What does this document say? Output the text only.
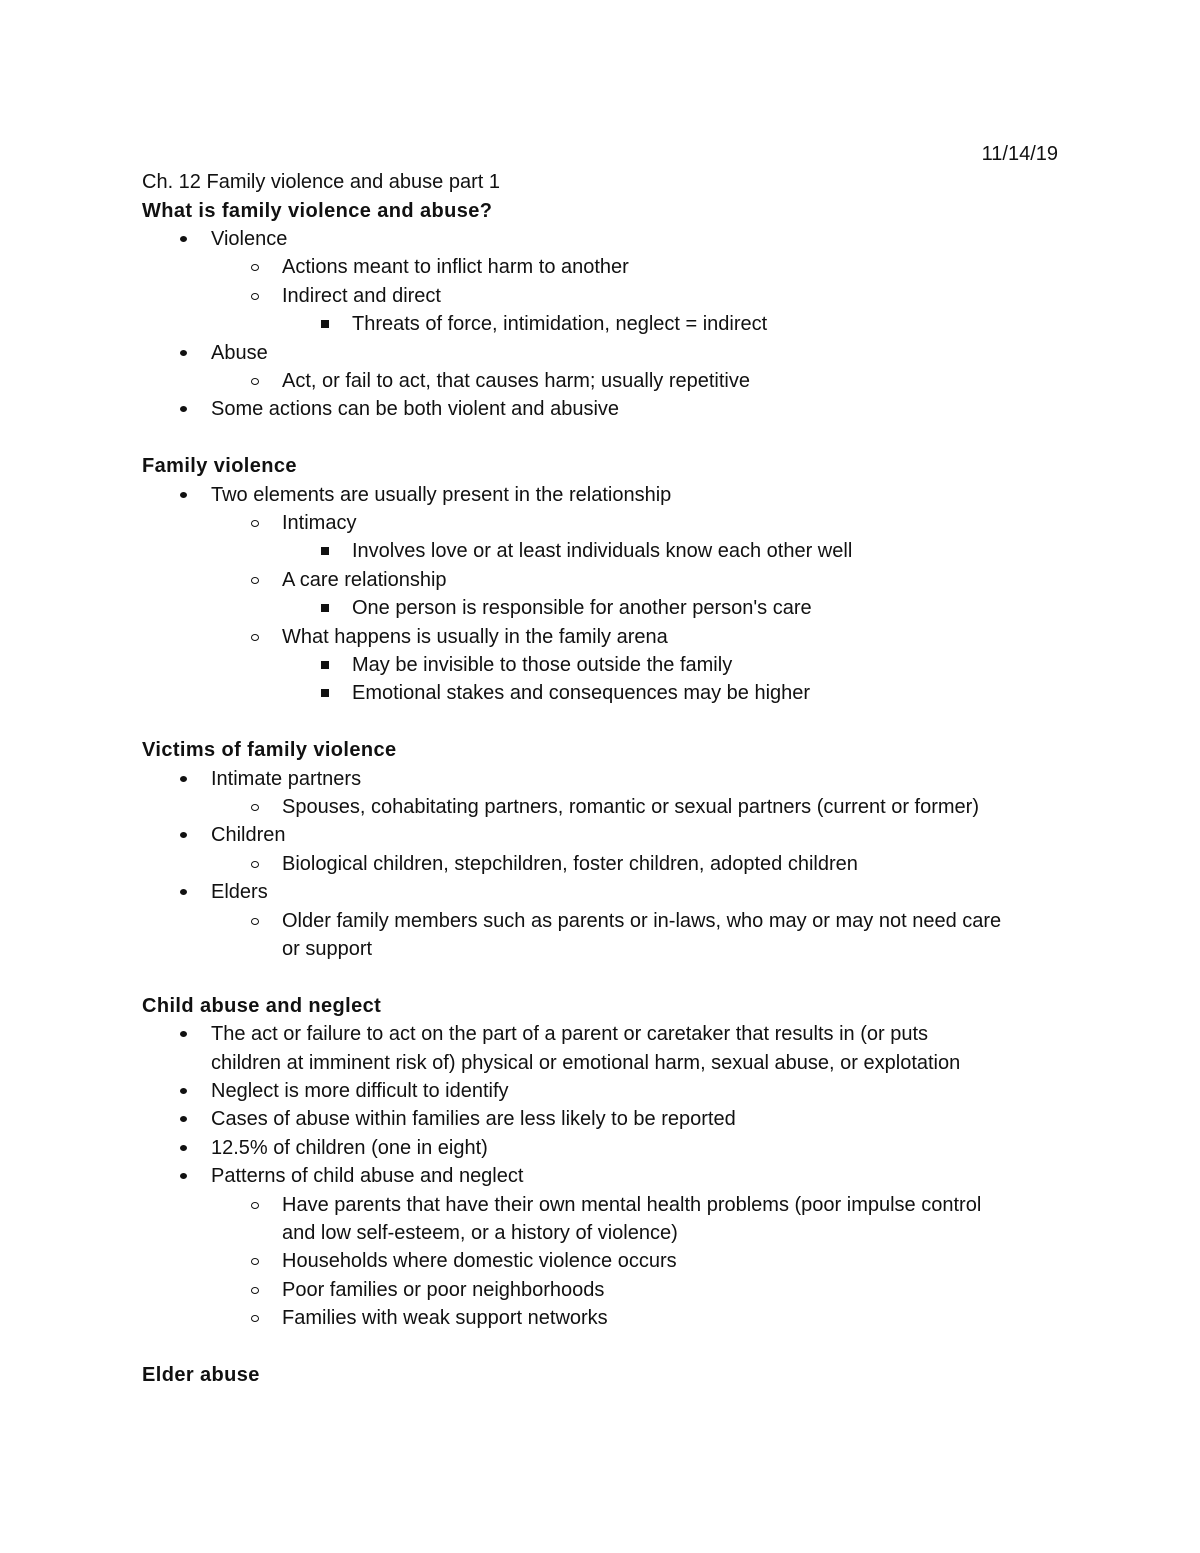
11/14/19
Ch. 12 Family violence and abuse part 1
What is family violence and abuse?
Violence
Actions meant to inflict harm to another
Indirect and direct
Threats of force, intimidation, neglect = indirect
Abuse
Act, or fail to act, that causes harm; usually repetitive
Some actions can be both violent and abusive
Family violence
Two elements are usually present in the relationship
Intimacy
Involves love or at least individuals know each other well
A care relationship
One person is responsible for another person's care
What happens is usually in the family arena
May be invisible to those outside the family
Emotional stakes and consequences may be higher
Victims of family violence
Intimate partners
Spouses, cohabitating partners, romantic or sexual partners (current or former)
Children
Biological children, stepchildren, foster children, adopted children
Elders
Older family members such as parents or in-laws, who may or may not need care
or support
Child abuse and neglect
The act or failure to act on the part of a parent or caretaker that results in (or puts
children at imminent risk of) physical or emotional harm, sexual abuse, or explotation
Neglect is more difficult to identify
Cases of abuse within families are less likely to be reported
12.5% of children (one in eight)
Patterns of child abuse and neglect
Have parents that have their own mental health problems (poor impulse control
and low self-esteem, or a history of violence)
Households where domestic violence occurs
Poor families or poor neighborhoods
Families with weak support networks
Elder abuse
